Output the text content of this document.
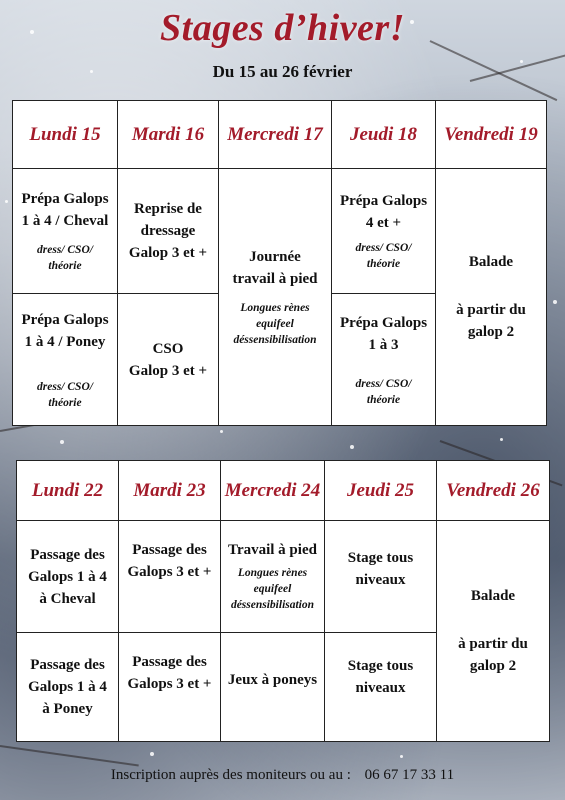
Stages d’hiver!
Du 15 au 26 février
Lundi 15 Mardi 16 Mercredi 17 Jeudi 18 Vendredi 19
Prépa Galops
1 à 4 / Cheval
dress/ CSO/
théorie
Prépa Galops
1 à 4 / Poney
dress/ CSO/
théorie
Reprise de
dressage
Galop 3 et +
CSO
Galop 3 et +
Journée
travail à pied
Longues rènes
equifeel
déssensibilisation
Prépa Galops
4 et +
dress/ CSO/
théorie
Prépa Galops
1 à 3
dress/ CSO/
théorie
Balade
à partir du
galop 2
Lundi 22 Mardi 23 Mercredi 24 Jeudi 25 Vendredi 26
Passage des
Galops 1 à 4
à Cheval
Passage des
Galops 1 à 4
à Poney
Passage des
Galops 3 et +
Passage des
Galops 3 et +
Travail à pied
Longues rènes
equifeel
déssensibilisation
Jeux à poneys
Stage tous
niveaux
Stage tous
niveaux
Balade
à partir du
galop 2
Inscription auprès des moniteurs ou au : 06 67 17 33 11
